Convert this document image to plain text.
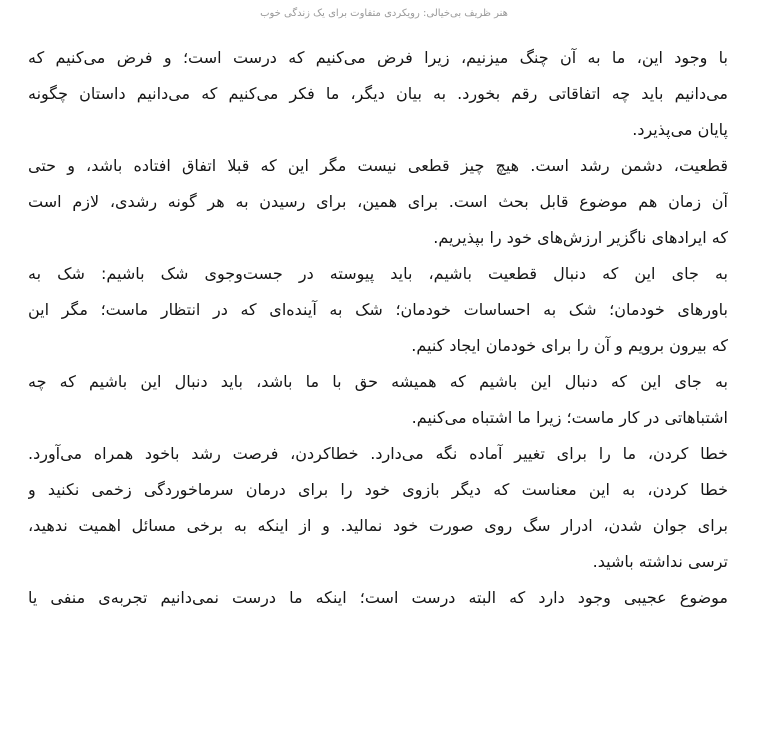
هنر ظریف بی‌خیالی: رویکردی متفاوت برای یک زندگی خوب
با وجود این، ما به آن چنگ میزنیم، زیرا فرض می‌کنیم که درست است؛ و فرض می‌کنیم که
می‌دانیم باید چه اتفاقاتی رقم بخورد. به بیان دیگر، ما فکر می‌کنیم که می‌دانیم داستان چگونه
پایان می‌پذیرد.
قطعیت، دشمن رشد است. هیچ چیز قطعی نیست مگر این که قبلا اتفاق افتاده باشد، و حتی
آن زمان هم موضوع قابل بحث است. برای همین، برای رسیدن به هر گونه رشدی، لازم است
که ایرادهای ناگزیر ارزش‌های خود را بپذیریم.
به جای این که دنبال قطعیت باشیم، باید پیوسته در جست‌وجوی شک باشیم: شک به
باورهای خودمان؛ شک به احساسات خودمان؛ شک به آینده‌ای که در انتظار ماست؛ مگر این
که بیرون برویم و آن را برای خودمان ایجاد کنیم.
به جای این که دنبال این باشیم که همیشه حق با ما باشد، باید دنبال این باشیم که چه
اشتباهاتی در کار ماست؛ زیرا ما اشتباه می‌کنیم.
خطا کردن، ما را برای تغییر آماده نگه می‌دارد. خطاکردن، فرصت رشد باخود همراه می‌آورد.
خطا کردن، به این معناست که دیگر بازوی خود را برای درمان سرماخوردگی زخمی نکنید و
برای جوان شدن، ادرار سگ روی صورت خود نمالید. و از اینکه به برخی مسائل اهمیت ندهید،
ترسی نداشته باشید.
موضوع عجیبی وجود دارد که البته درست است؛ اینکه ما درست نمی‌دانیم تجربه‌ی منفی یا
